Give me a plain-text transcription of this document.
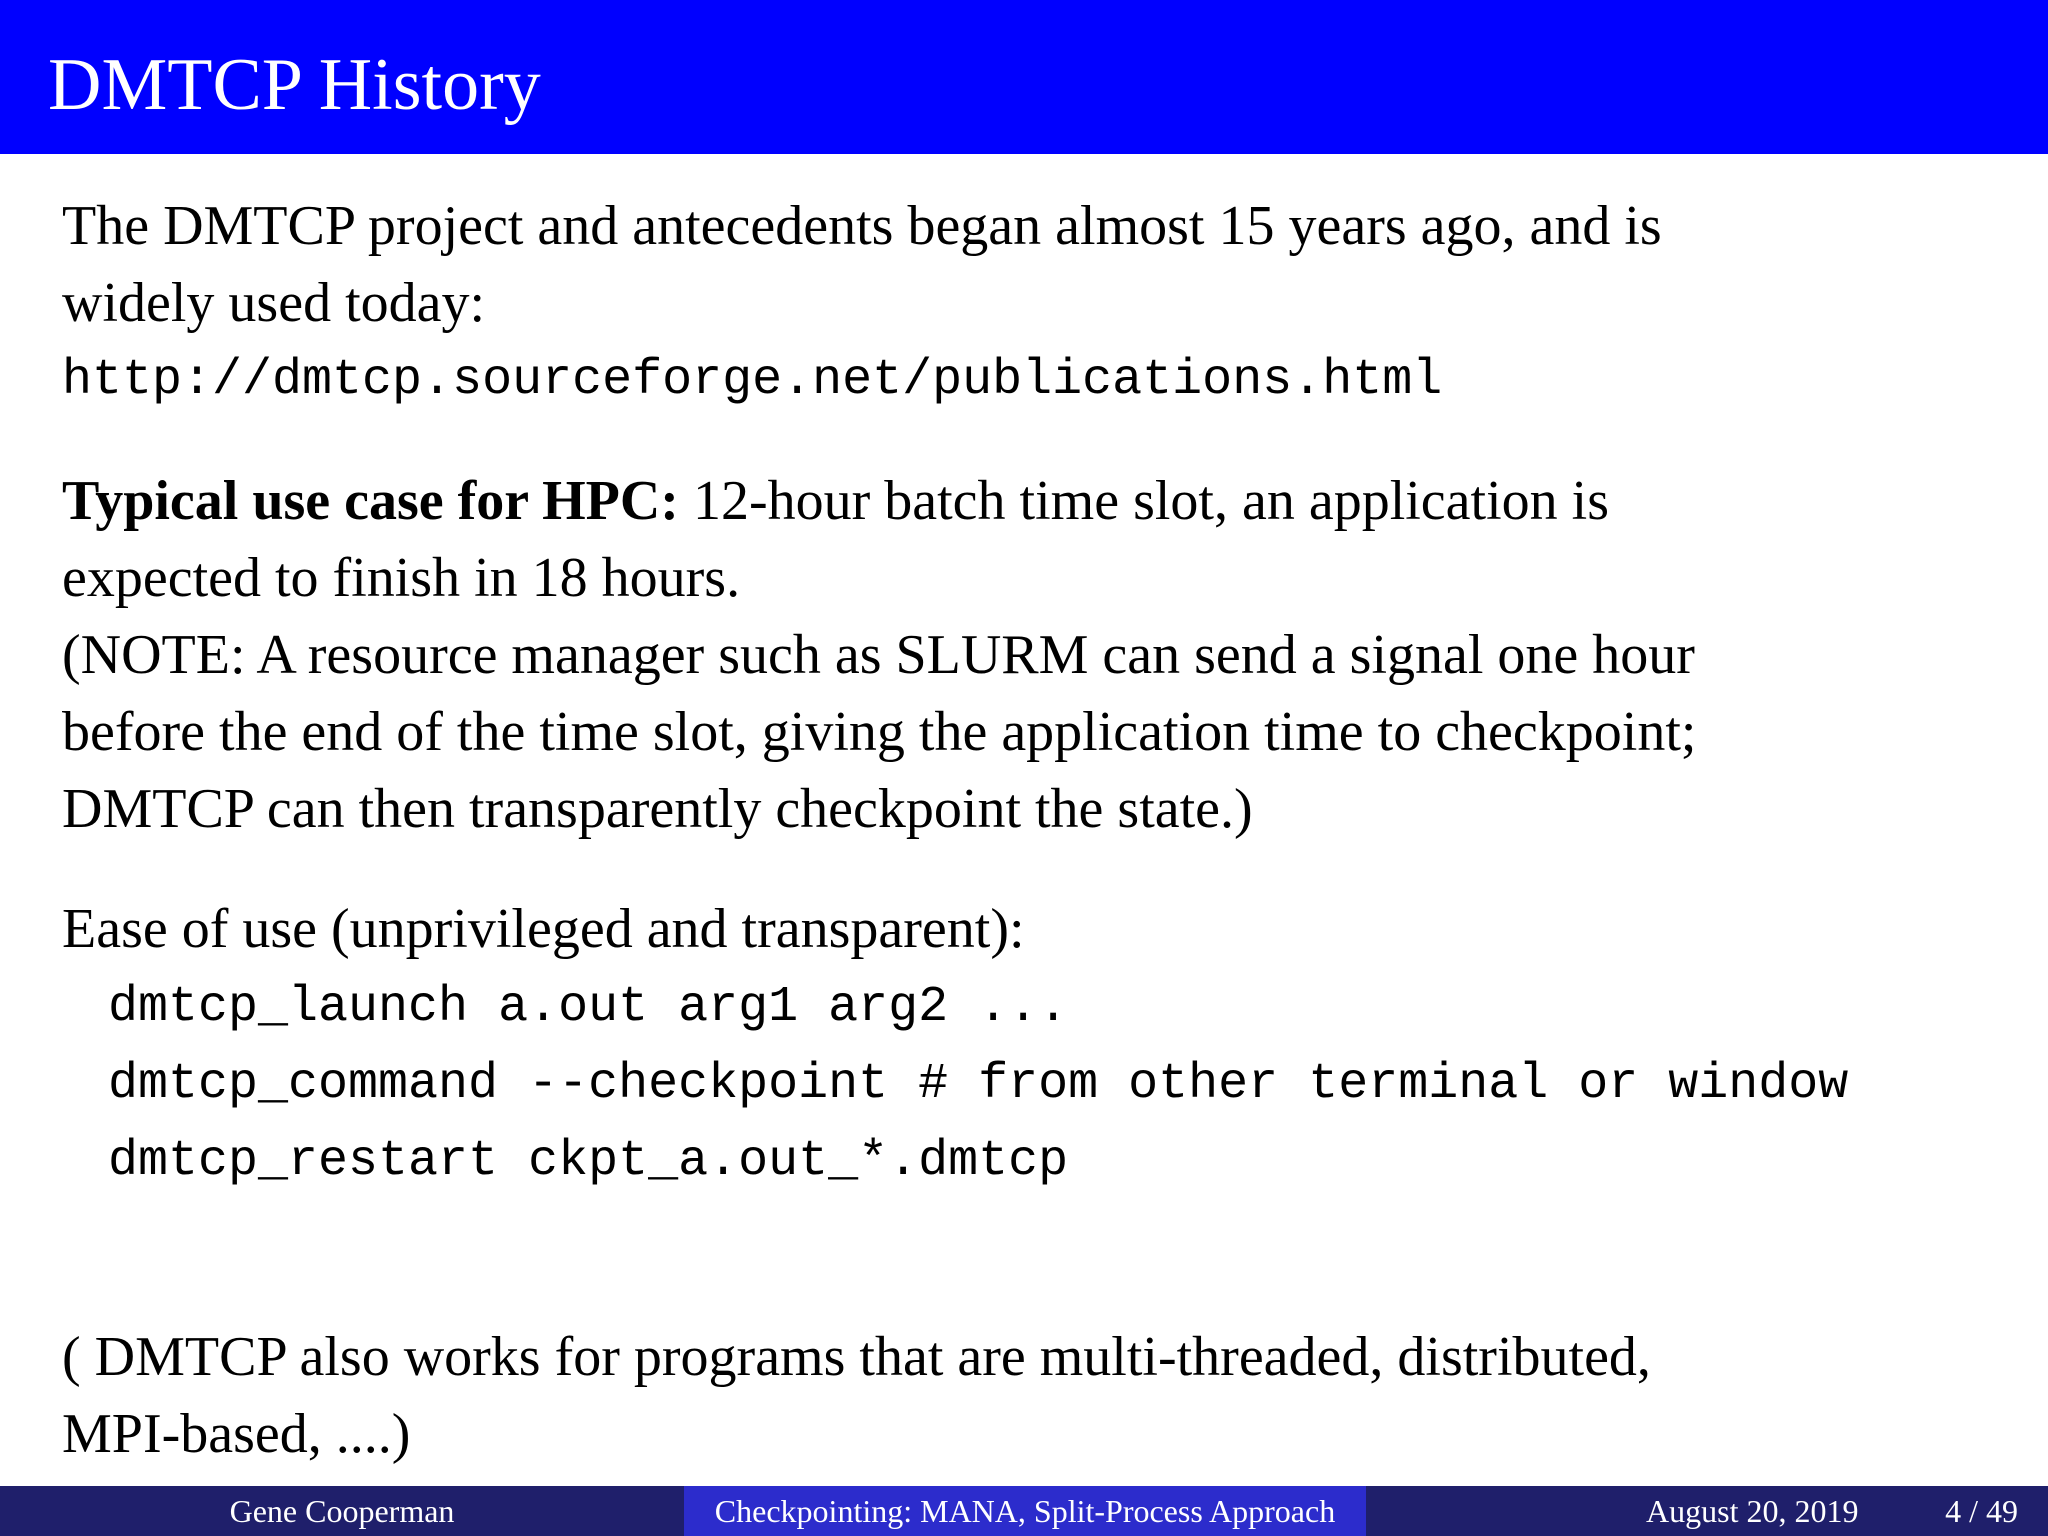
DMTCP History
The DMTCP project and antecedents began almost 15 years ago, and is
widely used today:
http://dmtcp.sourceforge.net/publications.html
Typical use case for HPC: 12-hour batch time slot, an application is
expected to finish in 18 hours.
(NOTE: A resource manager such as SLURM can send a signal one hour
before the end of the time slot, giving the application time to checkpoint;
DMTCP can then transparently checkpoint the state.)
Ease of use (unprivileged and transparent):
dmtcp_launch a.out arg1 arg2 ...
dmtcp_command --checkpoint # from other terminal or window
dmtcp_restart ckpt_a.out_*.dmtcp
( DMTCP also works for programs that are multi-threaded, distributed,
MPI-based, ....)
Gene Cooperman	Checkpointing: MANA, Split-Process Approach	August 20, 2019	4 / 49
